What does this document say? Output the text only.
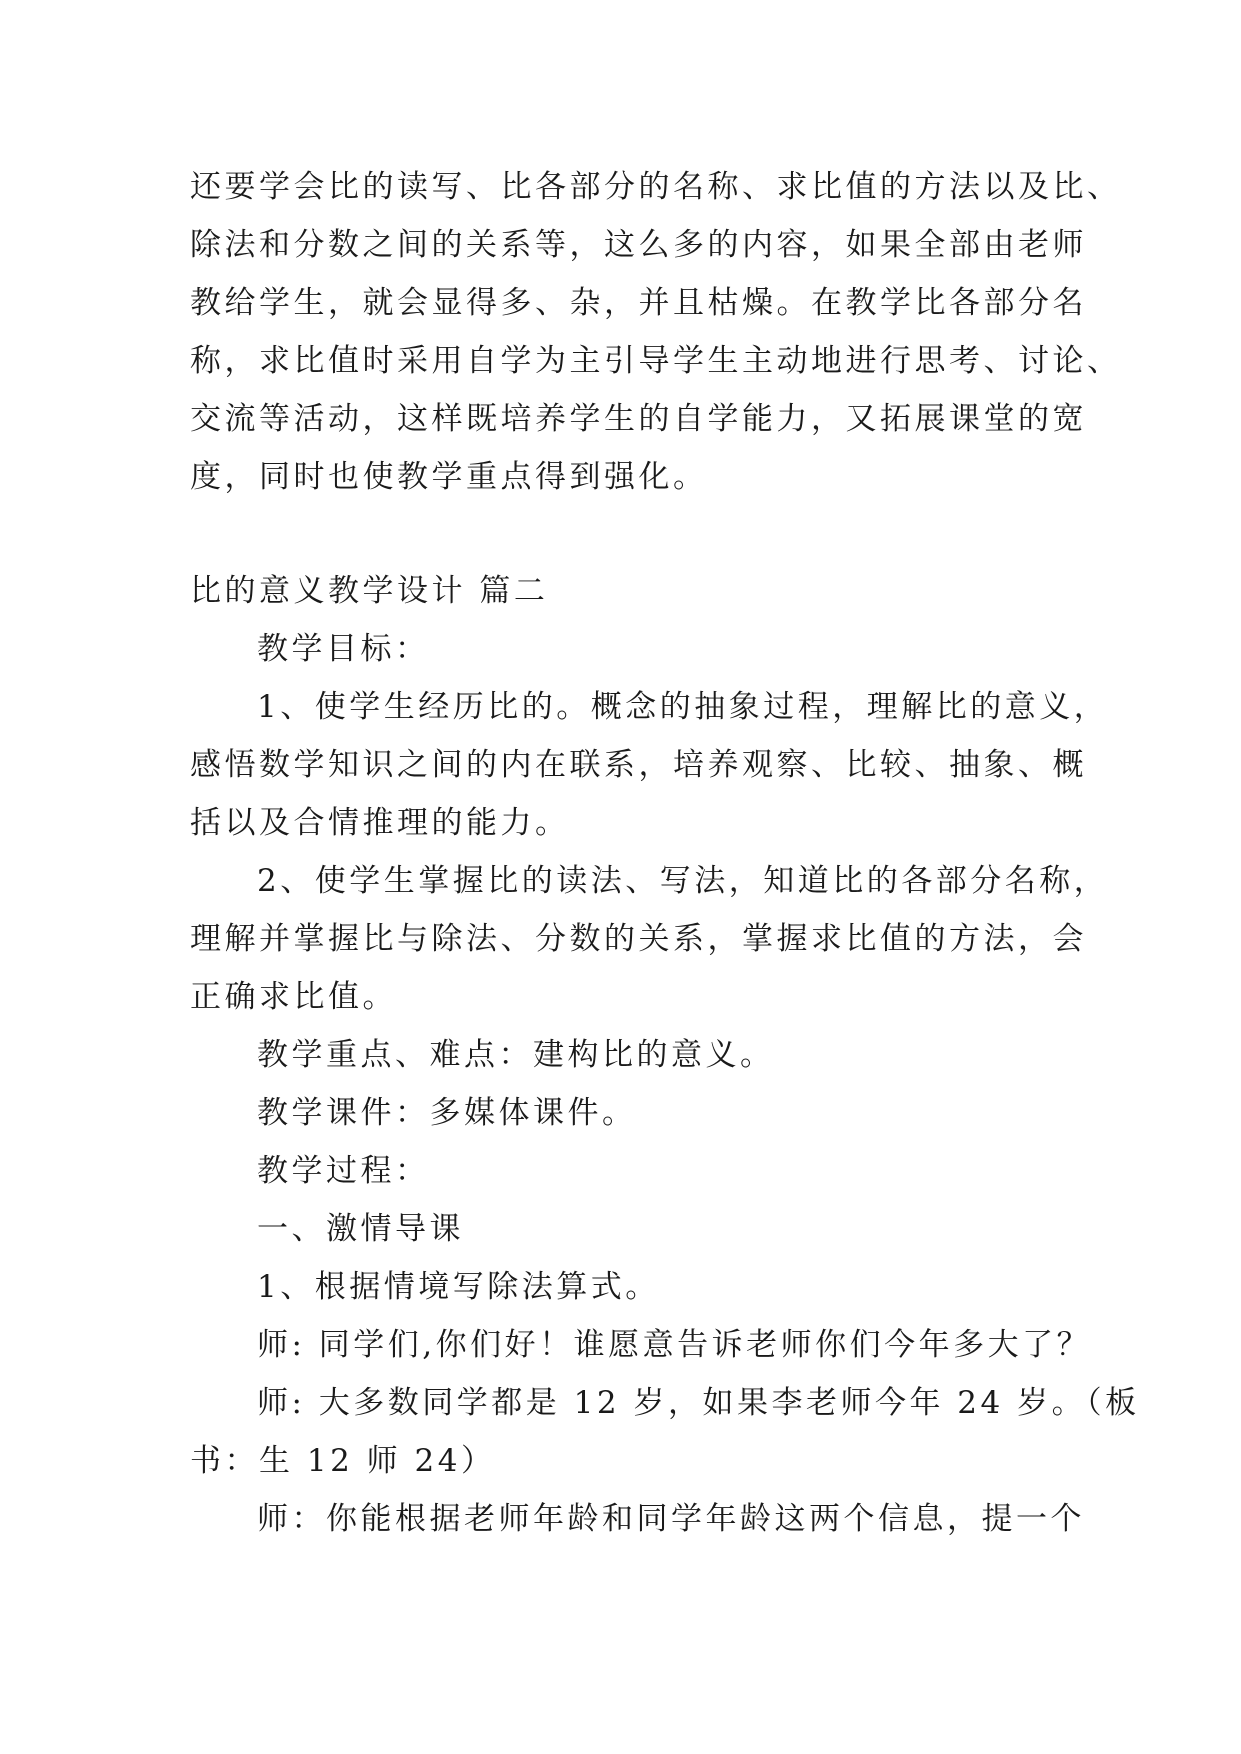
还要学会比的读写、比各部分的名称、求比值的方法以及比、
除法和分数之间的关系等，这么多的内容，如果全部由老师
教给学生，就会显得多、杂，并且枯燥。在教学比各部分名
称，求比值时采用自学为主引导学生主动地进行思考、讨论、
交流等活动，这样既培养学生的自学能力，又拓展课堂的宽
度，同时也使教学重点得到强化。
比的意义教学设计 篇二
教学目标：
1、使学生经历比的。概念的抽象过程，理解比的意义，
感悟数学知识之间的内在联系，培养观察、比较、抽象、概
括以及合情推理的能力。
2、使学生掌握比的读法、写法，知道比的各部分名称，
理解并掌握比与除法、分数的关系，掌握求比值的方法，会
正确求比值。
教学重点、难点：建构比的意义。
教学课件：多媒体课件。
教学过程：
一、激情导课
1、根据情境写除法算式。
师: 同学们,你们好！谁愿意告诉老师你们今年多大了？
师: 大多数同学都是 12 岁，如果李老师今年 24 岁。（板
书：生 12 师 24）
师：你能根据老师年龄和同学年龄这两个信息，提一个
